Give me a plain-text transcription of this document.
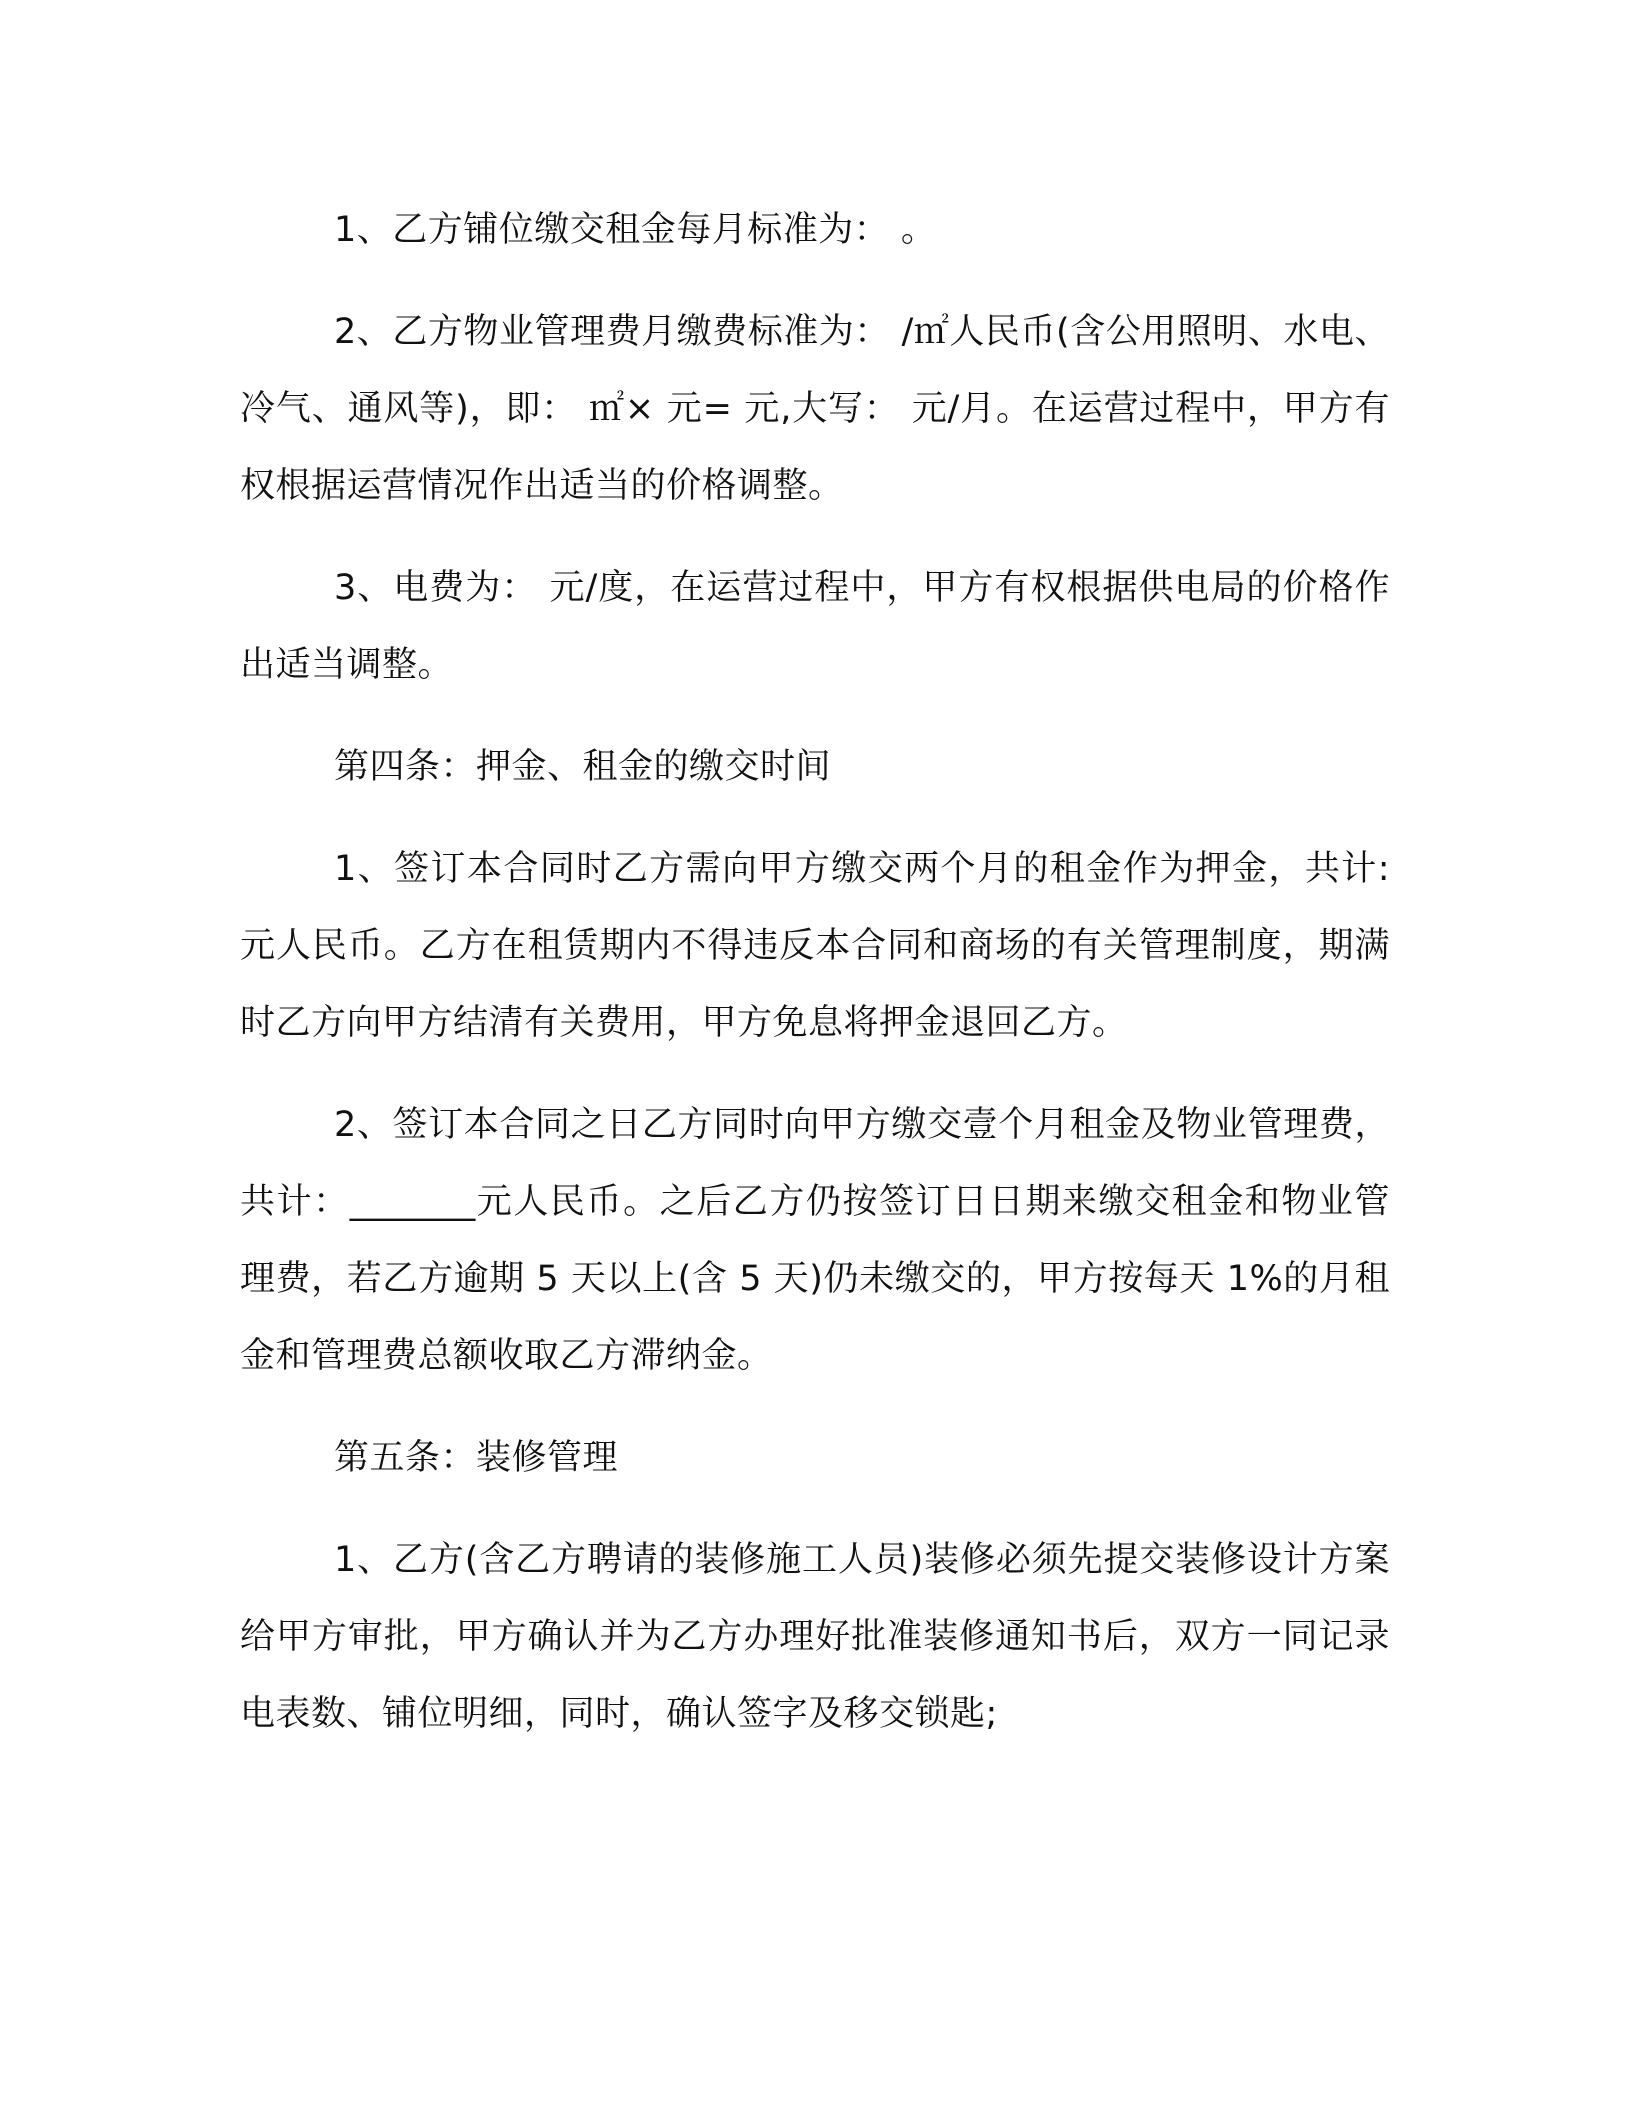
1、乙方铺位缴交租金每月标准为： 。

2、乙方物业管理费月缴费标准为： /㎡人民币(含公用照明、水电、冷气、通风等)，即： ㎡× 元= 元,大写： 元/月。在运营过程中，甲方有权根据运营情况作出适当的价格调整。

3、电费为： 元/度，在运营过程中，甲方有权根据供电局的价格作出适当调整。

第四条：押金、租金的缴交时间

1、签订本合同时乙方需向甲方缴交两个月的租金作为押金，共计: 元人民币。乙方在租赁期内不得违反本合同和商场的有关管理制度，期满时乙方向甲方结清有关费用，甲方免息将押金退回乙方。

2、签订本合同之日乙方同时向甲方缴交壹个月租金及物业管理费，共计：_______元人民币。之后乙方仍按签订日日期来缴交租金和物业管理费，若乙方逾期 5 天以上(含 5 天)仍未缴交的，甲方按每天 1%的月租金和管理费总额收取乙方滞纳金。

第五条：装修管理

1、乙方(含乙方聘请的装修施工人员)装修必须先提交装修设计方案给甲方审批，甲方确认并为乙方办理好批准装修通知书后，双方一同记录电表数、铺位明细，同时，确认签字及移交锁匙;
